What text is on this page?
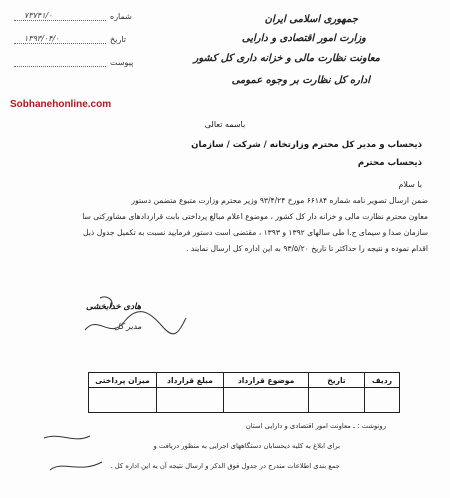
جمهوری اسلامی ایران
وزارت امور اقتصادی و دارایی
معاونت نظارت مالی و خزانه داری کل کشور
اداره کل نظارت بر وجوه عمومی
۷۳۷۴۱/۰	شماره
۱۳۹۳/۰۴/۰	تاریخ
پیوست
Sobhanehonline.com
باسمه تعالی
ذیحساب و مدیر کل محترم وزارتخانه / شرکت / سازمان
ذیحساب محترم
با سلام
ضمن ارسال تصویر نامه شماره ۶۶۱۸۴ مورخ ۹۳/۴/۲۴ وزیر محترم وزارت متبوع متضمن دستور
معاون محترم نظارت مالی و خزانه دار کل کشور ، موضوع اعلام مبالغ پرداختی بابت قراردادهای مشاورکتی سا
سازمان صدا و سیمای ج.ا طی سالهای ۱۳۹۲ و ۱۳۹۳ ، مقتضی است دستور فرمایید نسبت به تکمیل جدول ذیل
اقدام نموده و نتیجه را حداکثر تا تاریخ ۹۳/۵/۲۰ به این اداره کل ارسال نمایند .
هادی خدابخشی
مدیر کل
ردیف	تاریخ	موضوع قرارداد	مبلغ قرارداد	میزان پرداختی

رونوشت : ـ معاونت امور اقتصادی و دارایی استان
برای ابلاغ به کلیه ذیحسابان دستگاههای اجرایی به منظور دریافت و
جمع بندی اطلاعات مندرج در جدول فوق الذکر و ارسال نتیجه آن به این اداره کل .
